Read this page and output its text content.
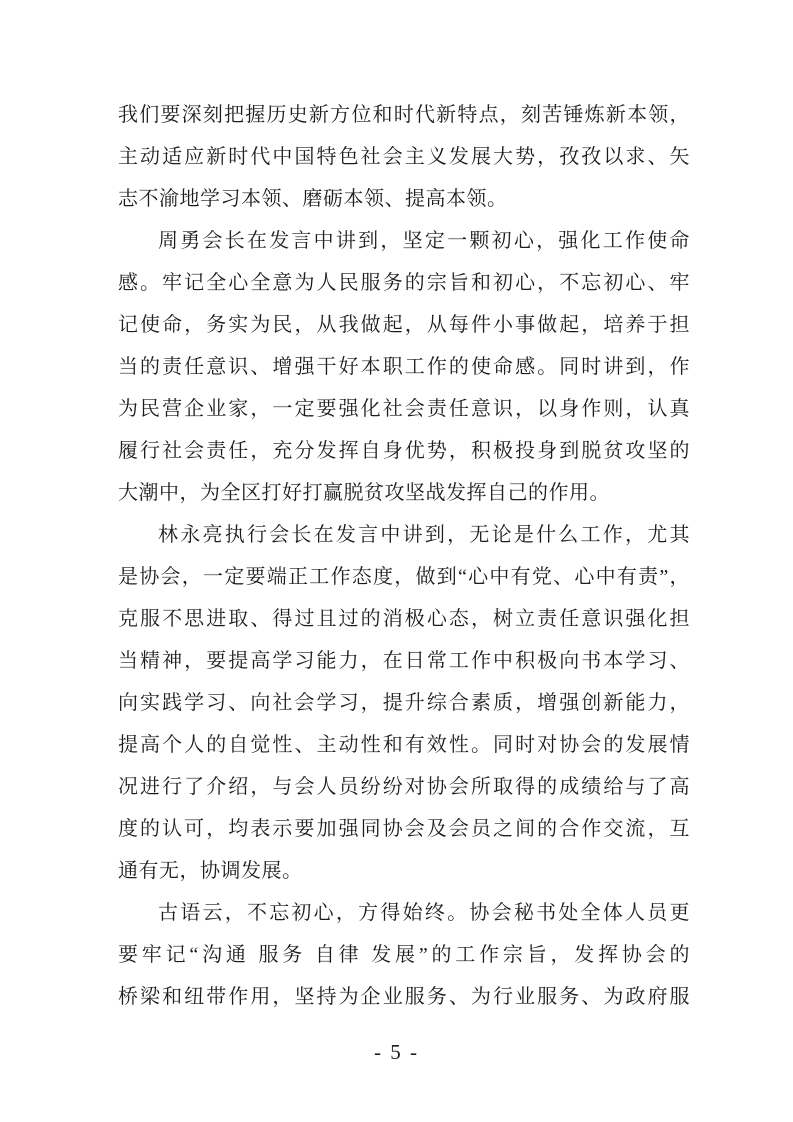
我们要深刻把握历史新方位和时代新特点，刻苦锤炼新本领，
主动适应新时代中国特色社会主义发展大势，孜孜以求、矢
志不渝地学习本领、磨砺本领、提高本领。
周勇会长在发言中讲到，坚定一颗初心，强化工作使命
感。牢记全心全意为人民服务的宗旨和初心，不忘初心、牢
记使命，务实为民，从我做起，从每件小事做起，培养于担
当的责任意识、增强干好本职工作的使命感。同时讲到，作
为民营企业家，一定要强化社会责任意识，以身作则，认真
履行社会责任，充分发挥自身优势，积极投身到脱贫攻坚的
大潮中，为全区打好打赢脱贫攻坚战发挥自己的作用。
林永亮执行会长在发言中讲到，无论是什么工作，尤其
是协会，一定要端正工作态度，做到“心中有党、心中有责”，
克服不思进取、得过且过的消极心态，树立责任意识强化担
当精神，要提高学习能力，在日常工作中积极向书本学习、
向实践学习、向社会学习，提升综合素质，增强创新能力，
提高个人的自觉性、主动性和有效性。同时对协会的发展情
况进行了介绍，与会人员纷纷对协会所取得的成绩给与了高
度的认可，均表示要加强同协会及会员之间的合作交流，互
通有无，协调发展。
古语云，不忘初心，方得始终。协会秘书处全体人员更
要牢记“沟通 服务 自律 发展”的工作宗旨，发挥协会的
桥梁和纽带作用，坚持为企业服务、为行业服务、为政府服
- 5 -
